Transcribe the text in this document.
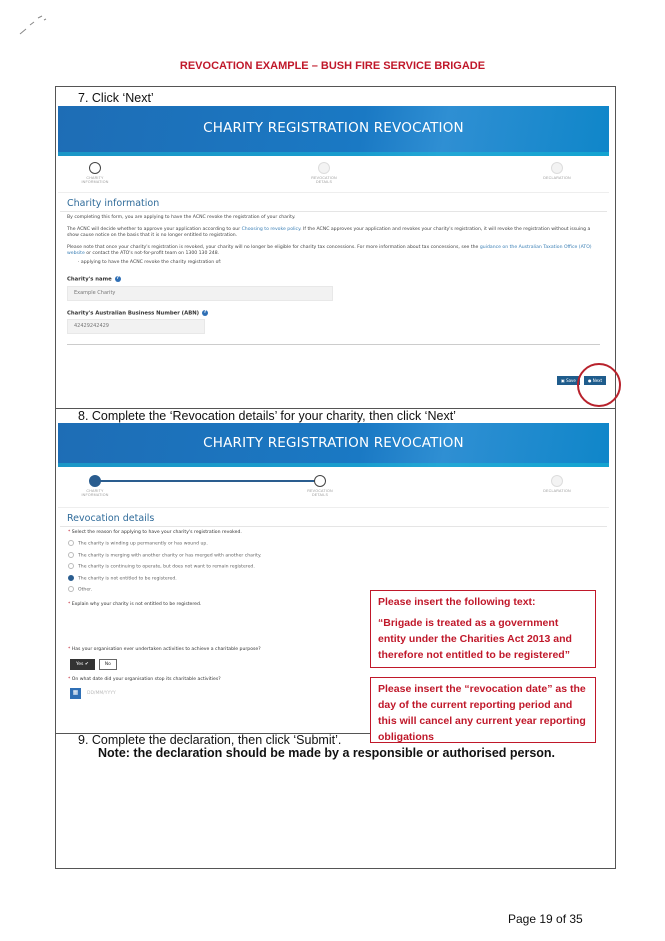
REVOCATION EXAMPLE – BUSH FIRE SERVICE BRIGADE
7. Click ‘Next’
CHARITY REGISTRATION REVOCATION
CHARITY INFORMATION
REVOCATION DETAILS
DECLARATION
Charity information
By completing this form, you are applying to have the ACNC revoke the registration of your charity.
The ACNC will decide whether to approve your application according to our Choosing to revoke policy. If the ACNC approves your application and revokes your charity's registration, it will revoke the registration without issuing a show cause notice on the basis that it is no longer entitled to registration.
Please note that once your charity's registration is revoked, your charity will no longer be eligible for charity tax concessions. For more information about tax concessions, see the guidance on the Australian Taxation Office (ATO) website or contact the ATO's not-for-profit team on 1300 130 248.
· applying to have the ACNC revoke the charity registration of:
Charity's name ?
Example Charity
Charity's Australian Business Number (ABN) ?
42429242429
▣ Save	● Next
8. Complete the ‘Revocation details’ for your charity, then click ‘Next’
CHARITY REGISTRATION REVOCATION
CHARITY INFORMATION
REVOCATION DETAILS
DECLARATION
Revocation details
* Select the reason for applying to have your charity's registration revoked.
The charity is winding up permanently or has wound up.
The charity is merging with another charity or has merged with another charity.
The charity is continuing to operate, but does not want to remain registered.
The charity is not entitled to be registered.
Other.
* Explain why your charity is not entitled to be registered.
* Has your organisation ever undertaken activities to achieve a charitable purpose?
Yes ✔	No
* On what date did your organisation stop its charitable activities?
▦	DD/MM/YYYY
Please insert the following text:
“Brigade is treated as a government entity under the Charities Act 2013 and therefore not entitled to be registered”
Please insert the “revocation date” as the day of the current reporting period and this will cancel any current year reporting obligations
9. Complete the declaration, then click ‘Submit’.
Note: the declaration should be made by a responsible or authorised person.
Page 19 of 35
